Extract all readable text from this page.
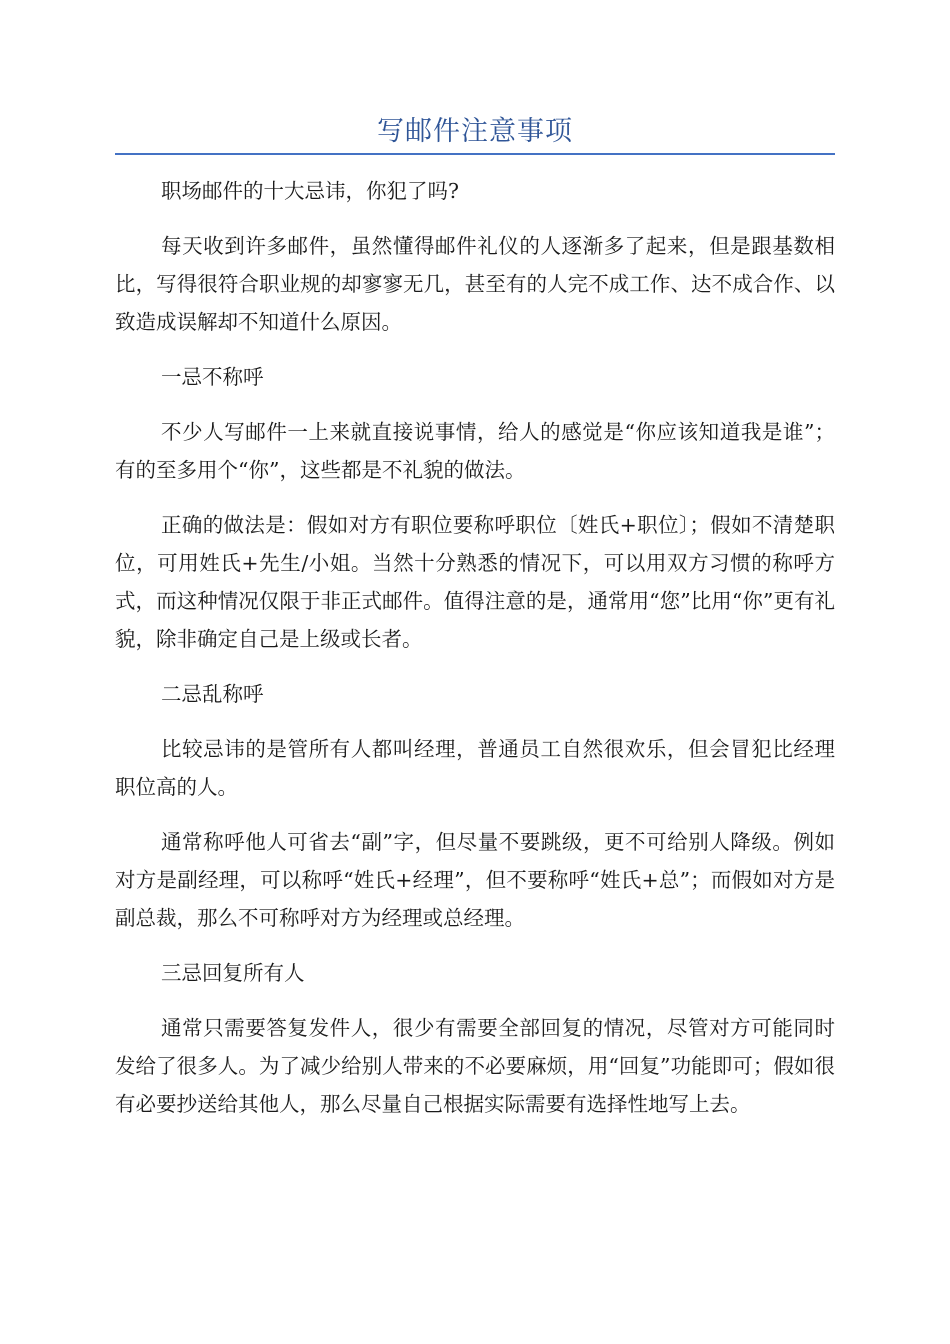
写邮件注意事项

职场邮件的十大忌讳，你犯了吗?

每天收到许多邮件，虽然懂得邮件礼仪的人逐渐多了起来，但是跟基数相比，写得很符合职业规的却寥寥无几，甚至有的人完不成工作、达不成合作、以致造成误解却不知道什么原因。

一忌不称呼

不少人写邮件一上来就直接说事情，给人的感觉是“你应该知道我是谁”；有的至多用个“你”，这些都是不礼貌的做法。

正确的做法是：假如对方有职位要称呼职位〔姓氏+职位〕；假如不清楚职位，可用姓氏+先生/小姐。当然十分熟悉的情况下，可以用双方习惯的称呼方式，而这种情况仅限于非正式邮件。值得注意的是，通常用“您”比用“你”更有礼貌，除非确定自己是上级或长者。

二忌乱称呼

比较忌讳的是管所有人都叫经理，普通员工自然很欢乐，但会冒犯比经理职位高的人。

通常称呼他人可省去“副”字，但尽量不要跳级，更不可给别人降级。例如对方是副经理，可以称呼“姓氏+经理”，但不要称呼“姓氏+总”；而假如对方是副总裁，那么不可称呼对方为经理或总经理。

三忌回复所有人

通常只需要答复发件人，很少有需要全部回复的情况，尽管对方可能同时发给了很多人。为了减少给别人带来的不必要麻烦，用“回复”功能即可；假如很有必要抄送给其他人，那么尽量自己根据实际需要有选择性地写上去。
